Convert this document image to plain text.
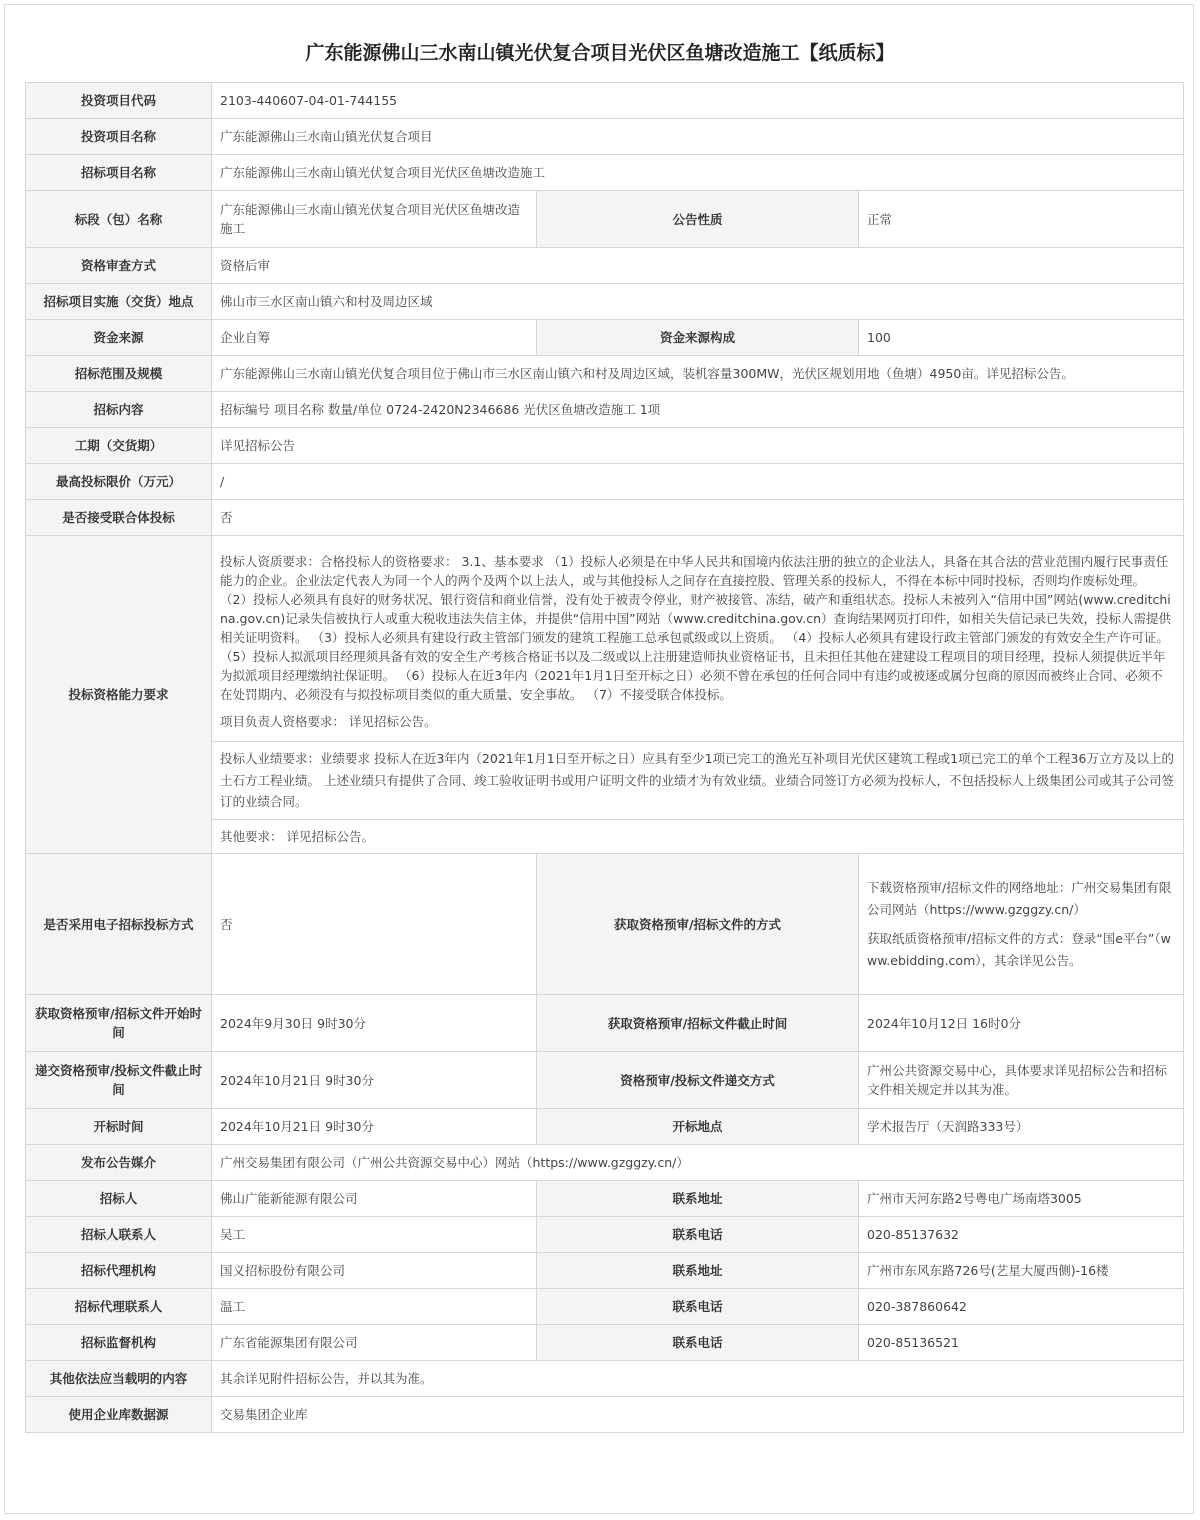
广东能源佛山三水南山镇光伏复合项目光伏区鱼塘改造施工【纸质标】
投资项目代码	2103-440607-04-01-744155		
投资项目名称	广东能源佛山三水南山镇光伏复合项目		
招标项目名称	广东能源佛山三水南山镇光伏复合项目光伏区鱼塘改造施工		
标段（包）名称	广东能源佛山三水南山镇光伏复合项目光伏区鱼塘改造施工	公告性质	正常
资格审查方式	资格后审		
招标项目实施（交货）地点	佛山市三水区南山镇六和村及周边区域		
资金来源	企业自筹	资金来源构成	100
招标范围及规模	广东能源佛山三水南山镇光伏复合项目位于佛山市三水区南山镇六和村及周边区域，装机容量300MW，光伏区规划用地（鱼塘）4950亩。详见招标公告。		
招标内容	招标编号 项目名称 数量/单位 0724-2420N2346686 光伏区鱼塘改造施工 1项		
工期（交货期）	详见招标公告		
最高投标限价（万元）	/		
是否接受联合体投标	否		
投标资格能力要求	投标人资质要求：合格投标人的资格要求： 3.1、基本要求 （1）投标人必须是在中华人民共和国境内依法注册的独立的企业法人，具备在其合法的营业范围内履行民事责任能力的企业。企业法定代表人为同一个人的两个及两个以上法人，或与其他投标人之间存在直接控股、管理关系的投标人，不得在本标中同时投标，否则均作废标处理。 （2）投标人必须具有良好的财务状况、银行资信和商业信誉，没有处于被责令停业，财产被接管、冻结，破产和重组状态。投标人未被列入“信用中国”网站(www.creditchina.gov.cn)记录失信被执行人或重大税收违法失信主体，并提供“信用中国”网站（www.creditchina.gov.cn）查询结果网页打印件，如相关失信记录已失效，投标人需提供相关证明资料。 （3）投标人必须具有建设行政主管部门颁发的建筑工程施工总承包贰级或以上资质。 （4）投标人必须具有建设行政主管部门颁发的有效安全生产许可证。 （5）投标人拟派项目经理须具备有效的安全生产考核合格证书以及二级或以上注册建造师执业资格证书，且未担任其他在建建设工程项目的项目经理，投标人须提供近半年为拟派项目经理缴纳社保证明。 （6）投标人在近3年内（2021年1月1日至开标之日）必须不曾在承包的任何合同中有违约或被逐或属分包商的原因而被终止合同、必须不在处罚期内、必须没有与拟投标项目类似的重大质量、安全事故。 （7）不接受联合体投标。

项目负责人资格要求： 详见招标公告。

投标人业绩要求：业绩要求 投标人在近3年内（2021年1月1日至开标之日）应具有至少1项已完工的渔光互补项目光伏区建筑工程或1项已完工的单个工程36万立方及以上的土石方工程业绩。 上述业绩只有提供了合同、竣工验收证明书或用户证明文件的业绩才为有效业绩。业绩合同签订方必须为投标人，不包括投标人上级集团公司或其子公司签订的业绩合同。
其他要求： 详见招标公告。		

是否采用电子招标投标方式	否	获取资格预审/招标文件的方式	下载资格预审/招标文件的网络地址：广州交易集团有限公司网站（https://www.gzggzy.cn/）

获取纸质资格预审/招标文件的方式：登录“国e平台”（www.ebidding.com），其余详见公告。

获取资格预审/招标文件开始时间	2024年9月30日 9时30分	获取资格预审/招标文件截止时间	2024年10月12日 16时0分
递交资格预审/投标文件截止时间	2024年10月21日 9时30分	资格预审/投标文件递交方式	广州公共资源交易中心，具体要求详见招标公告和招标文件相关规定并以其为准。
开标时间	2024年10月21日 9时30分	开标地点	学术报告厅（天润路333号）
发布公告媒介	广州交易集团有限公司（广州公共资源交易中心）网站（https://www.gzggzy.cn/）		
招标人	佛山广能新能源有限公司	联系地址	广州市天河东路2号粤电广场南塔3005
招标人联系人	吴工	联系电话	020-85137632
招标代理机构	国义招标股份有限公司	联系地址	广州市东风东路726号(艺星大厦西侧)-16楼
招标代理联系人	温工	联系电话	020-387860642
招标监督机构	广东省能源集团有限公司	联系电话	020-85136521
其他依法应当载明的内容	其余详见附件招标公告，并以其为准。		
使用企业库数据源	交易集团企业库		
